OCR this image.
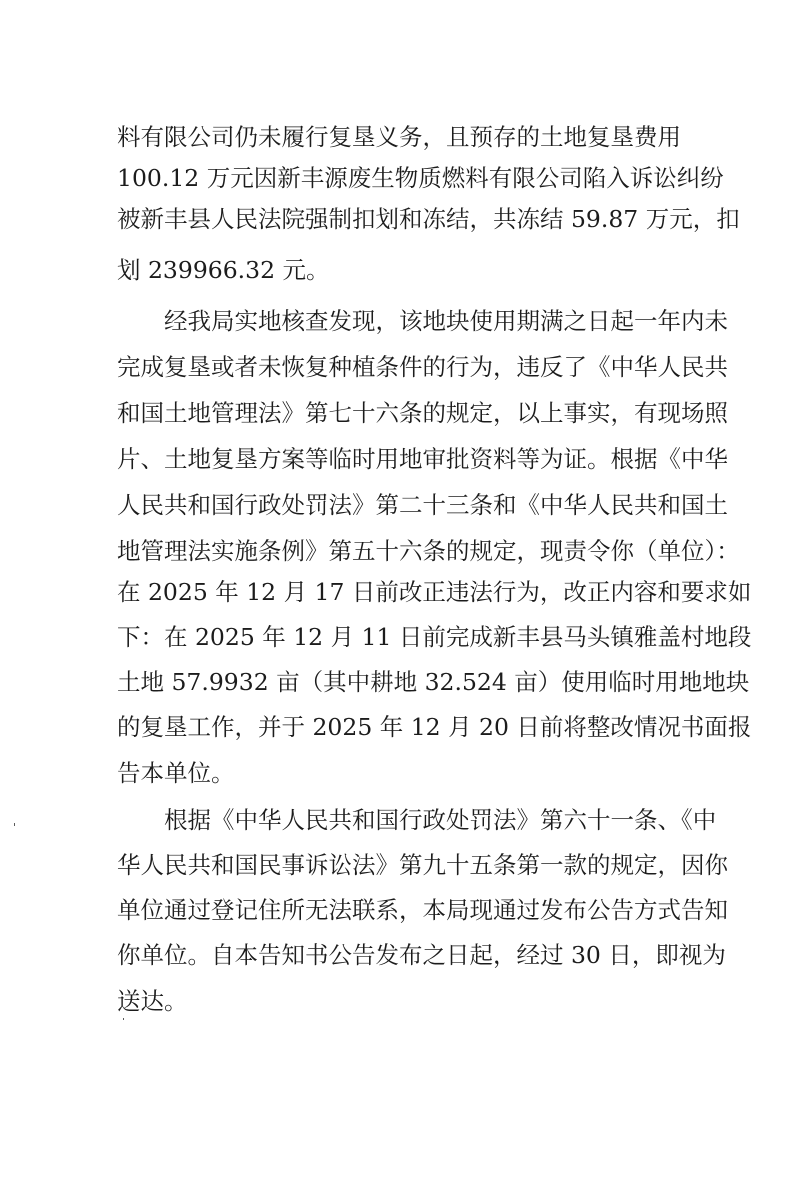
料有限公司仍未履行复垦义务，且预存的土地复垦费用
100.12 万元因新丰源废生物质燃料有限公司陷入诉讼纠纷
被新丰县人民法院强制扣划和冻结，共冻结 59.87 万元，扣
划 239966.32 元。
　　经我局实地核查发现，该地块使用期满之日起一年内未
完成复垦或者未恢复种植条件的行为，违反了《中华人民共
和国土地管理法》第七十六条的规定，以上事实，有现场照
片、土地复垦方案等临时用地审批资料等为证。根据《中华
人民共和国行政处罚法》第二十三条和《中华人民共和国土
地管理法实施条例》第五十六条的规定，现责令你（单位）：
在 2025 年 12 月 17 日前改正违法行为，改正内容和要求如
下：在 2025 年 12 月 11 日前完成新丰县马头镇雅盖村地段
土地 57.9932 亩（其中耕地 32.524 亩）使用临时用地地块
的复垦工作，并于 2025 年 12 月 20 日前将整改情况书面报
告本单位。
　　根据《中华人民共和国行政处罚法》第六十一条、《中
华人民共和国民事诉讼法》第九十五条第一款的规定，因你
单位通过登记住所无法联系，本局现通过发布公告方式告知
你单位。自本告知书公告发布之日起，经过 30 日，即视为
送达。
